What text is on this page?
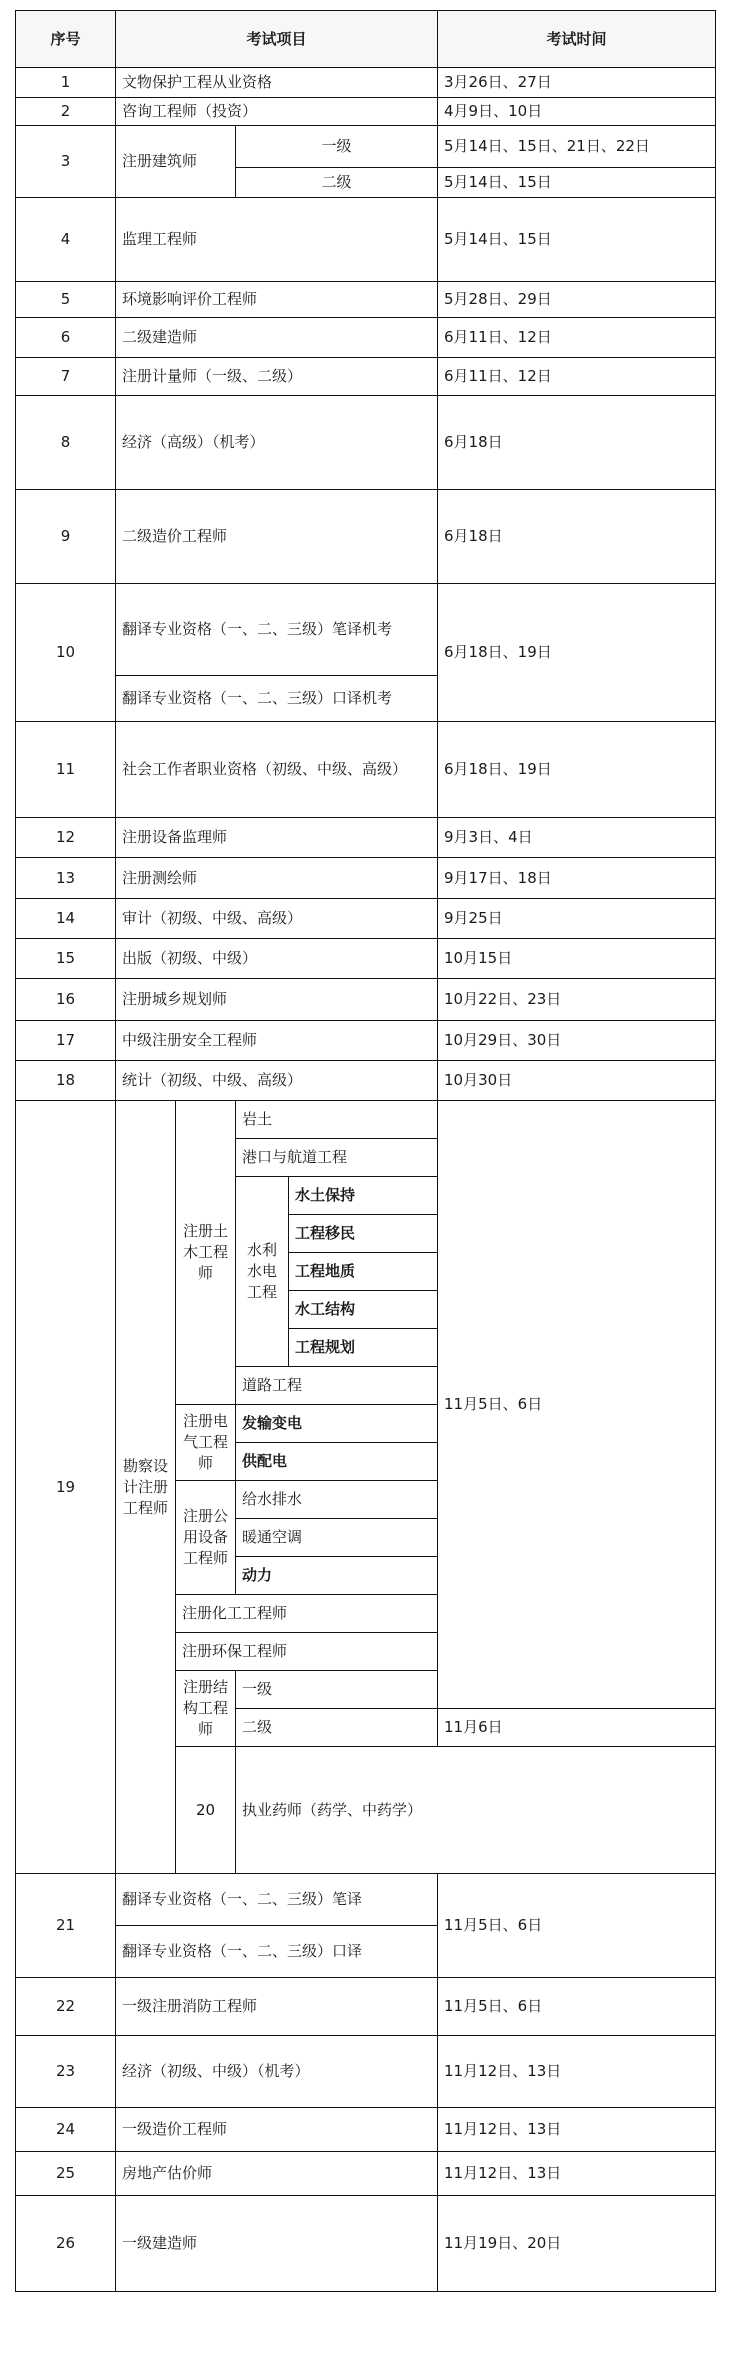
序号	考试项目				考试时间	
1	文物保护工程从业资格				3月26日、27日	
2	咨询工程师（投资）				4月9日、10日	
3	注册建筑师		一级		5月14日、15日、21日、22日	
			二级		5月14日、15日	
4	监理工程师				5月14日、15日	
5	环境影响评价工程师				5月28日、29日	
6	二级建造师				6月11日、12日	
7	注册计量师（一级、二级）				6月11日、12日	
8	经济（高级）（机考）				6月18日	
9	二级造价工程师				6月18日	
10	翻译专业资格（一、二、三级）笔译机考				6月18日、19日	
	翻译专业资格（一、二、三级）口译机考					
11	社会工作者职业资格（初级、中级、高级）				6月18日、19日	
12	注册设备监理师				9月3日、4日	
13	注册测绘师				9月17日、18日	
14	审计（初级、中级、高级）				9月25日	
15	出版（初级、中级）				10月15日	
16	注册城乡规划师				10月22日、23日	
17	中级注册安全工程师				10月29日、30日	
18	统计（初级、中级、高级）				10月30日	
19	勘察设计注册工程师	注册土木工程师	岩土		11月5日、6日	
			港口与航道工程			
			水利水电工程	水土保持		
				工程移民		
				工程地质		
				水工结构		
				工程规划		
			道路工程			
		注册电气工程师	发输变电			
			供配电			
		注册公用设备工程师	给水排水			
			暖通空调			
			动力			
		注册化工工程师				
		注册环保工程师				
		注册结构工程师	一级			
			二级		11月6日	
		20	执业药师（药学、中药学）	
21	翻译专业资格（一、二、三级）笔译				11月5日、6日	
	翻译专业资格（一、二、三级）口译					
22	一级注册消防工程师				11月5日、6日	
23	经济（初级、中级）（机考）				11月12日、13日	
24	一级造价工程师				11月12日、13日	
25	房地产估价师				11月12日、13日	
26	一级建造师				11月19日、20日	
